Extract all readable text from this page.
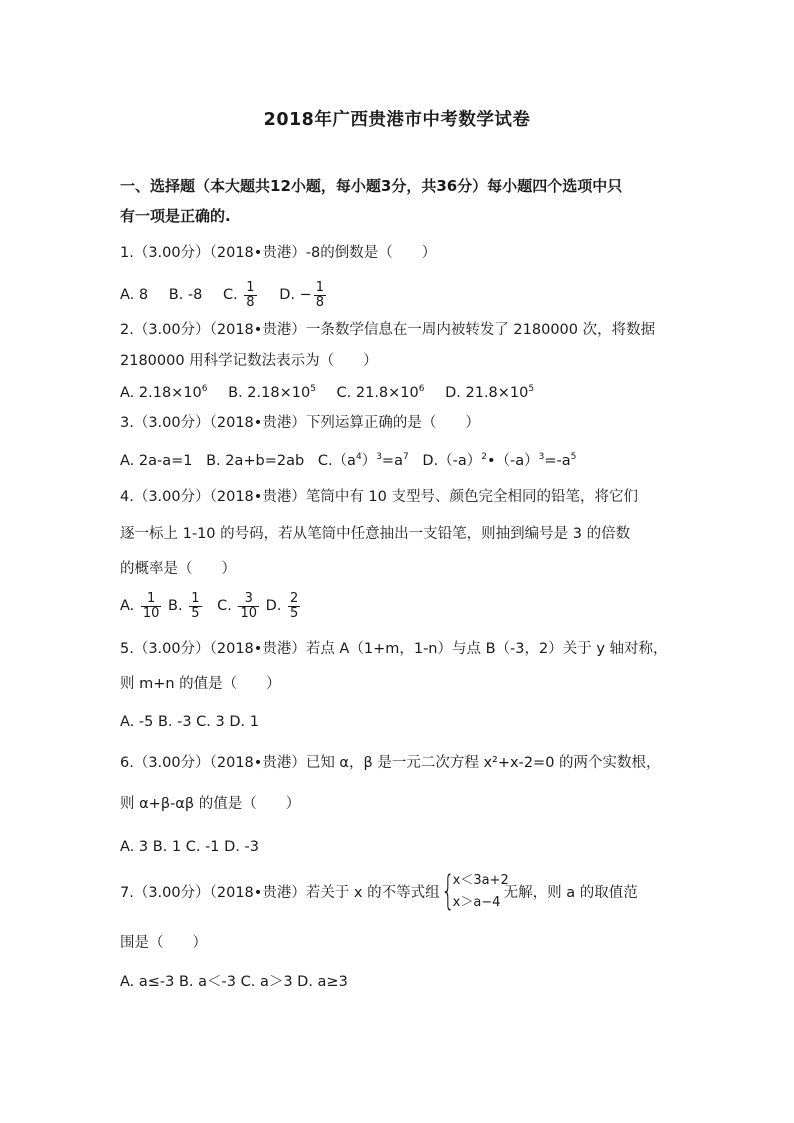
2018年广西贵港市中考数学试卷
一、选择题（本大题共12小题，每小题3分，共36分）每小题四个选项中只
有一项是正确的.
1.（3.00分）（2018•贵港）-8的倒数是（　　）
A. 8 B. -8 C. $\frac{1}{8} D$. − $\frac{1}{8}$
2.（3.00分）（2018•贵港）一条数学信息在一周内被转发了 2180000 次，将数据
2180000 用科学记数法表示为（　　）
A. $2.18\times 10^6$ B. $2.18\times 10^5$ C. $21.8\times 10^6$ D. $21.8\times 10^5$
3.（3.00分）（2018•贵港）下列运算正确的是（　　）
A. 2a-a=1 B. 2a+b=2ab $C.(a^4)^3=a^7$ $D.(-a)^2•(-a)^3=-a^5$
4.（3.00分）（2018•贵港）笔筒中有 10 支型号、颜色完全相同的铅笔，将它们
逐一标上 1-10 的号码，若从笔筒中任意抽出一支铅笔，则抽到编号是 3 的倍数
的概率是（　　）
A. $\frac{1}{10} B$. $\frac{1}{5} C$. $\frac{3}{10} D$. $\frac{2}{5}$
5.（3.00分）（2018•贵港）若点 A（1+m，1-n）与点 B（-3，2）关于 y 轴对称，
则 m+n 的值是（　　）
A. -5 B. -3 C. 3 D. 1
6.（3.00分）（2018•贵港）已知 α，β 是一元二次方程 x²+x-2=0 的两个实数根，
则 α+β-αβ 的值是（　　）
A. 3 B. 1 C. -1 D. -3
7.（3.00分）（2018•贵港）若关于 x 的不等式组 {
x＜3a+2
x＞a−4
无解，则 a 的取值范
围是（　　）
A. a≤-3 B. a＜-3 C. a＞3 D. a≥3
